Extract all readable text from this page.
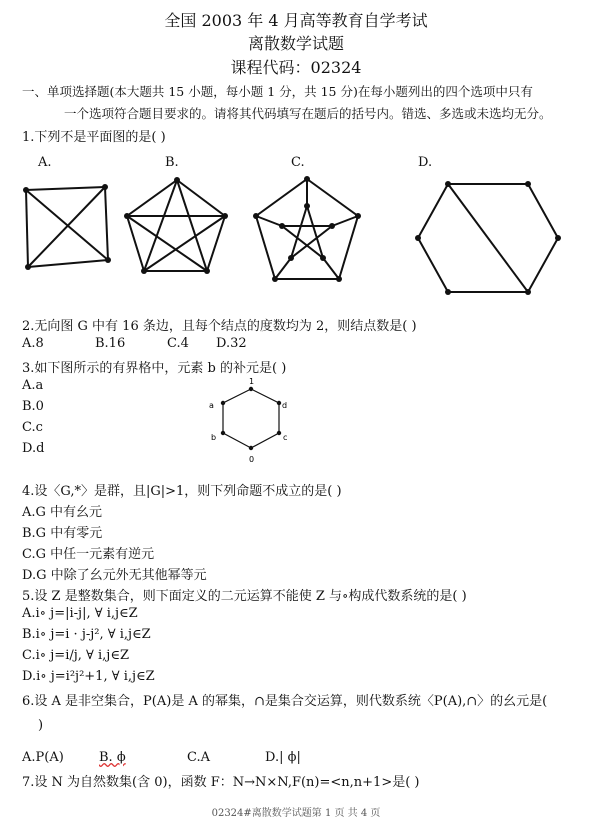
全国 2003 年 4 月高等教育自学考试
离散数学试题
课程代码：02324
一、单项选择题(本大题共 15 小题，每小题 1 分，共 15 分)在每小题列出的四个选项中只有
一个选项符合题目要求的。请将其代码填写在题后的括号内。错选、多选或未选均无分。
1.下列不是平面图的是( )
A.	B.	C.	D.
2.无向图 G 中有 16 条边，且每个结点的度数均为 2，则结点数是( )
A.8	B.16	C.4 D.32
3.如下图所示的有界格中，元素 b 的补元是( )
A.a
B.0
C.c
D.d
1
a	d
b	c
0
4.设〈G,*〉是群，且|G|>1，则下列命题不成立的是( )
A.G 中有幺元
B.G 中有零元
C.G 中任一元素有逆元
D.G 中除了幺元外无其他幂等元
5.设 Z 是整数集合，则下面定义的二元运算不能使 Z 与∘构成代数系统的是( )
A.i∘ j=|i-j|, ∀ i,j∈Z
B.i∘ j=i · j-j², ∀ i,j∈Z
C.i∘ j=i/j, ∀ i,j∈Z
D.i∘ j=i²j²+1, ∀ i,j∈Z
6.设 A 是非空集合，P(A)是 A 的幂集，∩是集合交运算，则代数系统〈P(A),∩〉的幺元是(
)
A.P(A)	B. ϕ	C.A	D.| ϕ|
7.设 N 为自然数集(含 0)，函数 F：N→N×N,F(n)=<n,n+1>是( )
02324#离散数学试题第 1 页 共 4 页
